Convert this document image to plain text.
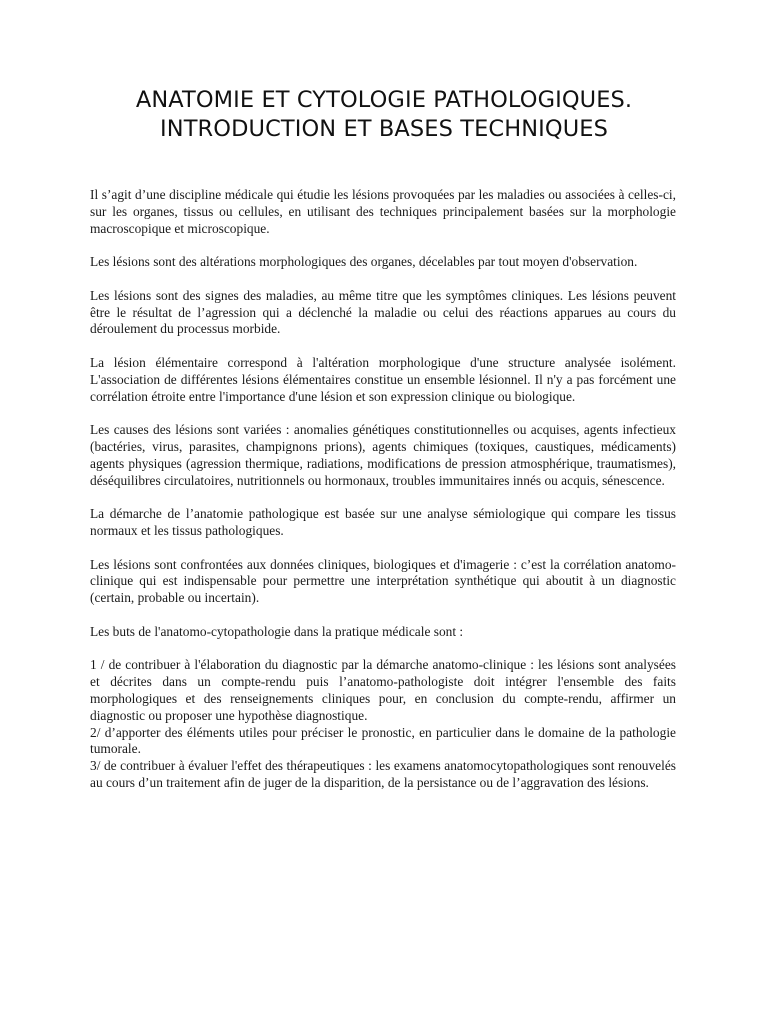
ANATOMIE ET CYTOLOGIE PATHOLOGIQUES.
INTRODUCTION ET BASES TECHNIQUES

Il s’agit d’une discipline médicale qui étudie les lésions provoquées par les maladies ou associées à celles-ci, sur les organes, tissus ou cellules, en utilisant des techniques principalement basées sur la morphologie macroscopique et microscopique.

Les lésions sont des altérations morphologiques des organes, décelables par tout moyen d'observation.

Les lésions sont des signes des maladies, au même titre que les symptômes cliniques. Les lésions peuvent être le résultat de l’agression qui a déclenché la maladie ou celui des réactions apparues au cours du déroulement du processus morbide.

La lésion élémentaire correspond à l'altération morphologique d'une structure analysée isolément. L'association de différentes lésions élémentaires constitue un ensemble lésionnel. Il n'y a pas forcément une corrélation étroite entre l'importance d'une lésion et son expression clinique ou biologique.

Les causes des lésions sont variées : anomalies génétiques constitutionnelles ou acquises, agents infectieux (bactéries, virus, parasites, champignons prions), agents chimiques (toxiques, caustiques, médicaments) agents physiques (agression thermique, radiations, modifications de pression atmosphérique, traumatismes), déséquilibres circulatoires, nutritionnels ou hormonaux, troubles immunitaires innés ou acquis, sénescence.

La démarche de l’anatomie pathologique est basée sur une analyse sémiologique qui compare les tissus normaux et les tissus pathologiques.

Les lésions sont confrontées aux données cliniques, biologiques et d'imagerie : c’est la corrélation anatomo-clinique qui est indispensable pour permettre une interprétation synthétique qui aboutit à un diagnostic (certain, probable ou incertain).

Les buts de l'anatomo-cytopathologie dans la pratique médicale sont :

1 / de contribuer à l'élaboration du diagnostic par la démarche anatomo-clinique : les lésions sont analysées et décrites dans un compte-rendu puis l’anatomo-pathologiste doit intégrer l'ensemble des faits morphologiques et des renseignements cliniques pour, en conclusion du compte-rendu, affirmer un diagnostic ou proposer une hypothèse diagnostique.

2/ d’apporter des éléments utiles pour préciser le pronostic, en particulier dans le domaine de la pathologie tumorale.

3/ de contribuer à évaluer l'effet des thérapeutiques : les examens anatomocytopathologiques sont renouvelés au cours d’un traitement afin de juger de la disparition, de la persistance ou de l’aggravation des lésions.
